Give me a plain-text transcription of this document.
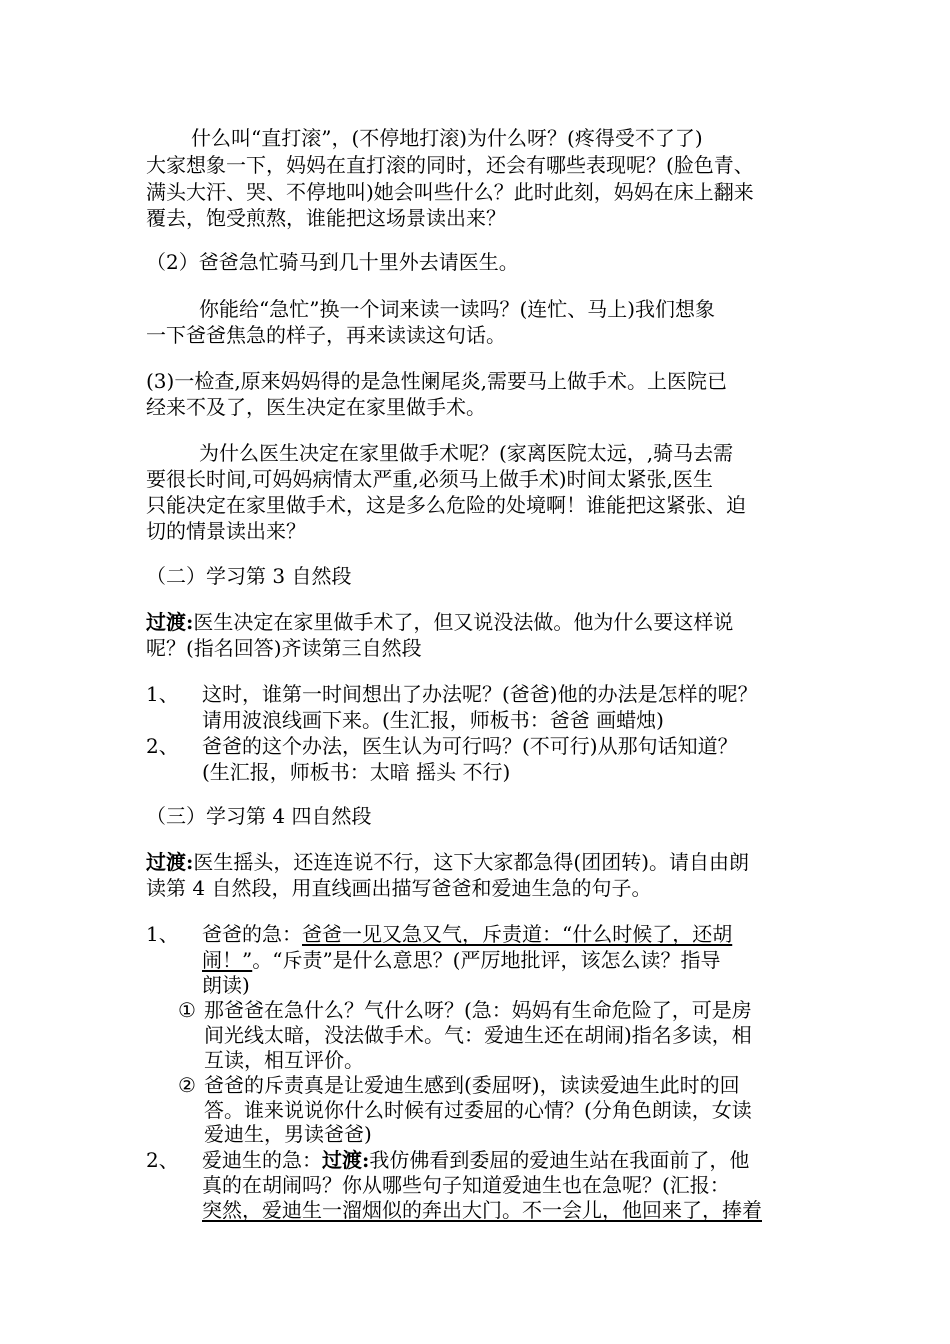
什么叫“直打滚”，(不停地打滚)为什么呀？(疼得受不了了)
大家想象一下，妈妈在直打滚的同时，还会有哪些表现呢？(脸色青、
满头大汗、哭、不停地叫)她会叫些什么？此时此刻，妈妈在床上翻来
覆去，饱受煎熬，谁能把这场景读出来？
（2）爸爸急忙骑马到几十里外去请医生。
你能给“急忙”换一个词来读一读吗？(连忙、马上)我们想象
一下爸爸焦急的样子，再来读读这句话。
(3)一检查,原来妈妈得的是急性阑尾炎,需要马上做手术。上医院已
经来不及了，医生决定在家里做手术。
为什么医生决定在家里做手术呢？(家离医院太远，,骑马去需
要很长时间,可妈妈病情太严重,必须马上做手术)时间太紧张,医生
只能决定在家里做手术，这是多么危险的处境啊！谁能把这紧张、迫
切的情景读出来？
（二）学习第 3 自然段
过渡:医生决定在家里做手术了，但又说没法做。他为什么要这样说
呢？(指名回答)齐读第三自然段
1、 这时，谁第一时间想出了办法呢？(爸爸)他的办法是怎样的呢？
请用波浪线画下来。(生汇报，师板书：爸爸 画蜡烛)
2、 爸爸的这个办法，医生认为可行吗？(不可行)从那句话知道？
(生汇报，师板书：太暗 摇头 不行)
（三）学习第 4 四自然段
过渡:医生摇头，还连连说不行，这下大家都急得(团团转)。请自由朗
读第 4 自然段，用直线画出描写爸爸和爱迪生急的句子。
1、 爸爸的急：爸爸一见又急又气，斥责道：“什么时候了，还胡
闹！”。“斥责”是什么意思？(严厉地批评，该怎么读？指导
朗读)
① 那爸爸在急什么？气什么呀？(急：妈妈有生命危险了，可是房
间光线太暗，没法做手术。气：爱迪生还在胡闹)指名多读，相
互读，相互评价。
② 爸爸的斥责真是让爱迪生感到(委屈呀)，读读爱迪生此时的回
答。谁来说说你什么时候有过委屈的心情？(分角色朗读，女读
爱迪生，男读爸爸)
2、 爱迪生的急：过渡:我仿佛看到委屈的爱迪生站在我面前了，他
真的在胡闹吗？你从哪些句子知道爱迪生也在急呢？(汇报：
突然，爱迪生一溜烟似的奔出大门。不一会儿，他回来了，捧着
